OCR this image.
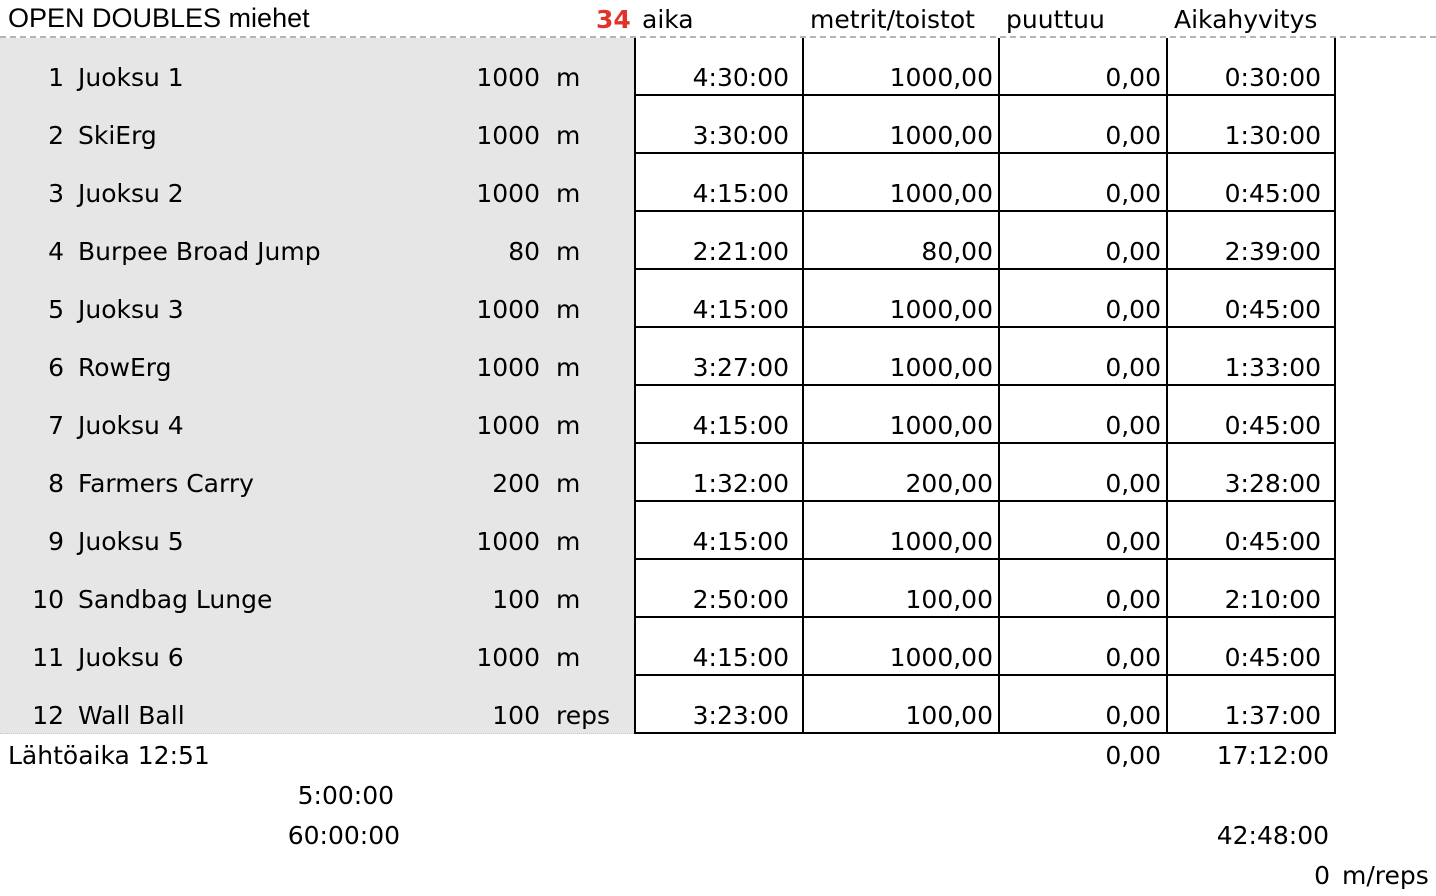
OPEN DOUBLES miehet	34 aika	metrit/toistot puuttuu	Aikahyvitys
1 Juoksu 1	1000 m	4:30:00	1000,00	0,00	0:30:00
2 SkiErg	1000 m	3:30:00	1000,00	0,00	1:30:00
3 Juoksu 2	1000 m	4:15:00	1000,00	0,00	0:45:00
4 Burpee Broad Jump	80 m	2:21:00	80,00	0,00	2:39:00
5 Juoksu 3	1000 m	4:15:00	1000,00	0,00	0:45:00
6 RowErg	1000 m	3:27:00	1000,00	0,00	1:33:00
7 Juoksu 4	1000 m	4:15:00	1000,00	0,00	0:45:00
8 Farmers Carry	200 m	1:32:00	200,00	0,00	3:28:00
9 Juoksu 5	1000 m	4:15:00	1000,00	0,00	0:45:00
10 Sandbag Lunge	100 m	2:50:00	100,00	0,00	2:10:00
11 Juoksu 6	1000 m	4:15:00	1000,00	0,00	0:45:00
12 Wall Ball	100 reps	3:23:00	100,00	0,00	1:37:00
Lähtöaika 12:51	0,00	17:12:00
5:00:00
60:00:00	42:48:00
0 m/reps
